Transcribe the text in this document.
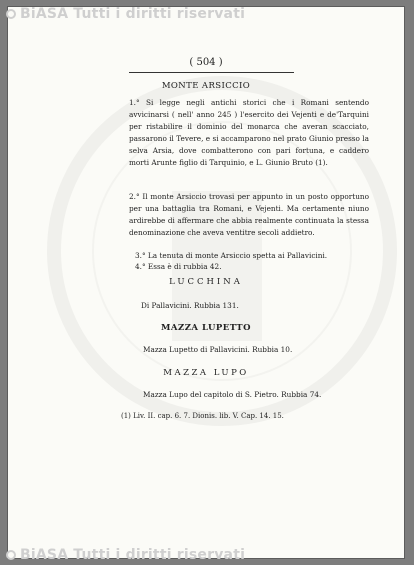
( 504 )
MONTE ARSICCIO
1.° Si legge negli antichi storici che i Romani sentendo avvicinarsi ( nell' anno 245 ) l'esercito dei Vejenti e de'Tarquini per ristabilire il dominio del monarca che averan scacciato, passarono il Tevere, e si accamparono nel prato Giunio presso la selva Arsia, dove combatterono con pari fortuna, e caddero morti Arunte figlio di Tarquinio, e L. Giunio Bruto (1).
2.° Il monte Arsiccio trovasi per appunto in un posto opportuno per una battaglia tra Romani, e Vejenti. Ma certamente niuno ardirebbe di affermare che abbia realmente continuata la stessa denominazione che aveva ventitre secoli addietro.
3.° La tenuta di monte Arsiccio spetta ai Pallavicini.
4.° Essa è di rubbia 42.
LUCCHINA
Di Pallavicini. Rubbia 131.
MAZZA LUPETTO
Mazza Lupetto di Pallavicini. Rubbia 10.
MAZZA LUPO
Mazza Lupo del capitolo di S. Pietro. Rubbia 74.
(1) Liv. II. cap. 6. 7. Dionis. lib. V. Cap. 14. 15.
BiASA Tutti i diritti riservati
BiASA Tutti i diritti riservati
